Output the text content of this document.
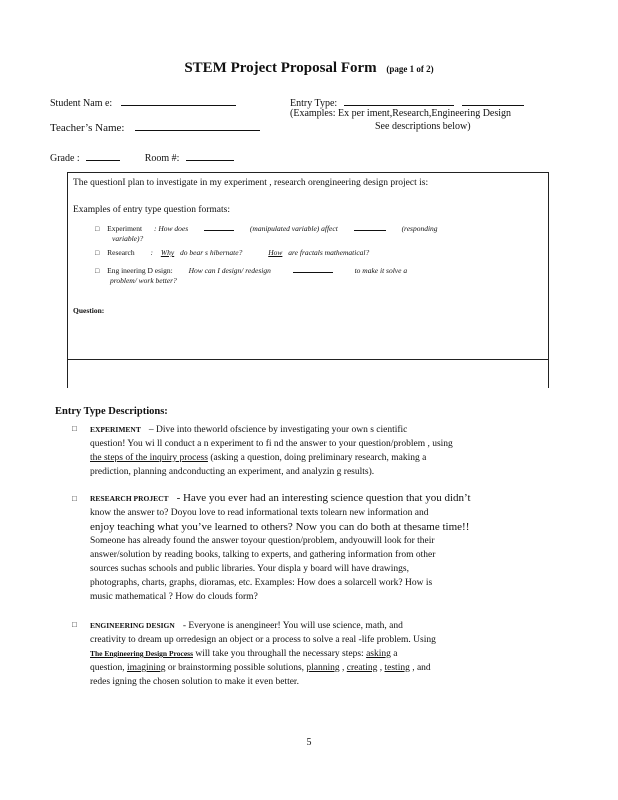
STEM Project Proposal Form (page 1 of 2)
Student Nam e:	Entry Type:
(Examples: Ex per iment,Research,Engineering Design
See descriptions below)
Teacher’s Name:
Grade :	Room #:
The questionI plan to investigate in my experiment , research orengineering design project is:
Examples of entry type question formats:
□ Experiment : How does	(manipulated variable) affect	(responding
variable)?
□ Research : Why do bear s hibernate?	How are fractals mathematical?
□ Eng ineering D esign: How can I design/ redesign	to make it solve a
problem/ work better?
Question:
Entry Type Descriptions:
□ EXPERIMENT – Dive into theworld ofscience by investigating your own s cientific
question! You wi ll conduct a n experiment to fi nd the answer to your question/problem , using
the steps of the inquiry process (asking a question, doing preliminary research, making a
prediction, planning andconducting an experiment, and analyzin g results).
□ RESEARCH PROJECT - Have you ever had an interesting science question that you didn’t
know the answer to? Doyou love to read informational texts tolearn new information and
enjoy teaching what you’ve learned to others? Now you can do both at thesame time!!
Someone has already found the answer toyour question/problem, andyouwill look for their
answer/solution by reading books, talking to experts, and gathering information from other
sources suchas schools and public libraries. Your displa y board will have drawings,
photographs, charts, graphs, dioramas, etc. Examples: How does a solarcell work? How is
music mathematical ? How do clouds form?
□ ENGINEERING DESIGN - Everyone is anengineer! You will use science, math, and
creativity to dream up orredesign an object or a process to solve a real -life problem. Using
The Engineering Design Process will take you throughall the necessary steps: asking a
question, imagining or brainstorming possible solutions, planning , creating , testing , and
redes igning the chosen solution to make it even better.
5
